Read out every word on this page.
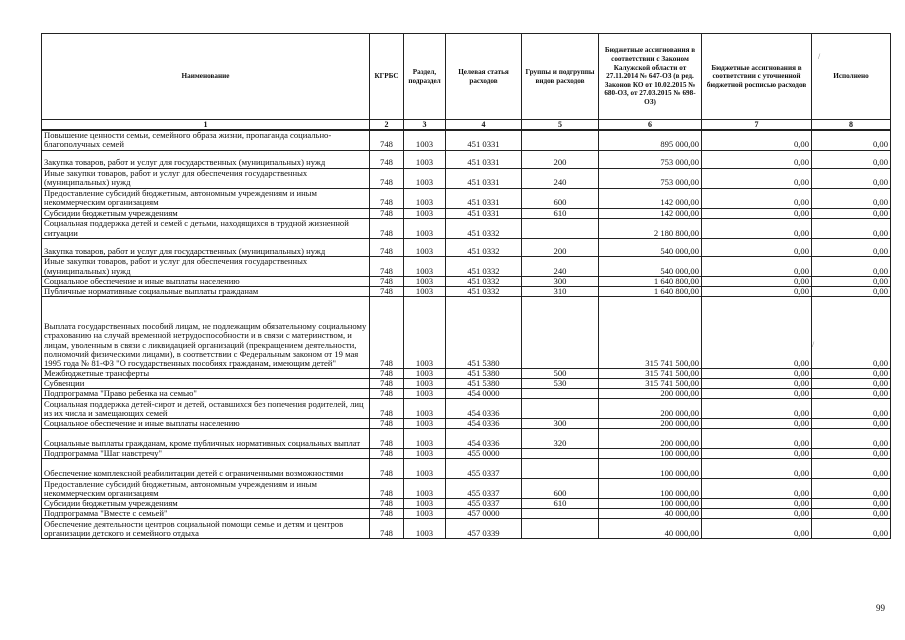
Наименование	КГРБС	Раздел, подраздел	Целевая статья расходов	Группы и подгруппы видов расходов	Бюджетные ассигнования в соответствии с Законом Калужской области от 27.11.2014 № 647-ОЗ (в ред. Законов КО от 10.02.2015 № 680-ОЗ, от 27.03.2015 № 698-ОЗ)	Бюджетные ассигнования в соответствии с уточненной бюджетной росписью расходов	Исполнено
1	2	3	4	5	6	7	8
Повышение ценности семьи, семейного образа жизни, пропаганда социально-благополучных семей	748	1003	451 0331		895 000,00	0,00	0,00
Закупка товаров, работ и услуг для государственных (муниципальных) нужд	748	1003	451 0331	200	753 000,00	0,00	0,00
Иные закупки товаров, работ и услуг для обеспечения государственных (муниципальных) нужд	748	1003	451 0331	240	753 000,00	0,00	0,00
Предоставление субсидий бюджетным, автономным учреждениям и иным некоммерческим организациям	748	1003	451 0331	600	142 000,00	0,00	0,00
Субсидии бюджетным учреждениям	748	1003	451 0331	610	142 000,00	0,00	0,00
Социальная поддержка детей и семей с детьми, находящихся в трудной жизненной ситуации	748	1003	451 0332		2 180 800,00	0,00	0,00
Закупка товаров, работ и услуг для государственных (муниципальных) нужд	748	1003	451 0332	200	540 000,00	0,00	0,00
Иные закупки товаров, работ и услуг для обеспечения государственных (муниципальных) нужд	748	1003	451 0332	240	540 000,00	0,00	0,00
Социальное обеспечение и иные выплаты населению	748	1003	451 0332	300	1 640 800,00	0,00	0,00
Публичные нормативные социальные выплаты гражданам	748	1003	451 0332	310	1 640 800,00	0,00	0,00
Выплата государственных пособий лицам, не подлежащим обязательному социальному страхованию на случай временной нетрудоспособности и в связи с материнством, и лицам, уволенным в связи с ликвидацией организаций (прекращением деятельности, полномочий физическими лицами), в соответствии с Федеральным законом от 19 мая 1995 года № 81-ФЗ "О государственных пособиях гражданам, имеющим детей"	748	1003	451 5380		315 741 500,00	0,00	0,00
Межбюджетные трансферты	748	1003	451 5380	500	315 741 500,00	0,00	0,00
Субвенции	748	1003	451 5380	530	315 741 500,00	0,00	0,00
Подпрограмма "Право ребенка на семью"	748	1003	454 0000		200 000,00	0,00	0,00
Социальная поддержка детей-сирот и детей, оставшихся без попечения родителей, лиц из их числа и замещающих семей	748	1003	454 0336		200 000,00	0,00	0,00
Социальное обеспечение и иные выплаты населению	748	1003	454 0336	300	200 000,00	0,00	0,00
Социальные выплаты гражданам, кроме публичных нормативных социальных выплат	748	1003	454 0336	320	200 000,00	0,00	0,00
Подпрограмма "Шаг навстречу"	748	1003	455 0000		100 000,00	0,00	0,00
Обеспечение комплексной реабилитации детей с ограниченными возможностями	748	1003	455 0337		100 000,00	0,00	0,00
Предоставление субсидий бюджетным, автономным учреждениям и иным некоммерческим организациям	748	1003	455 0337	600	100 000,00	0,00	0,00
Субсидии бюджетным учреждениям	748	1003	455 0337	610	100 000,00	0,00	0,00
Подпрограмма "Вместе с семьей"	748	1003	457 0000		40 000,00	0,00	0,00
Обеспечение деятельности центров социальной помощи семье и детям и центров организации детского и семейного отдыха	748	1003	457 0339		40 000,00	0,00	0,00
/
/
99
